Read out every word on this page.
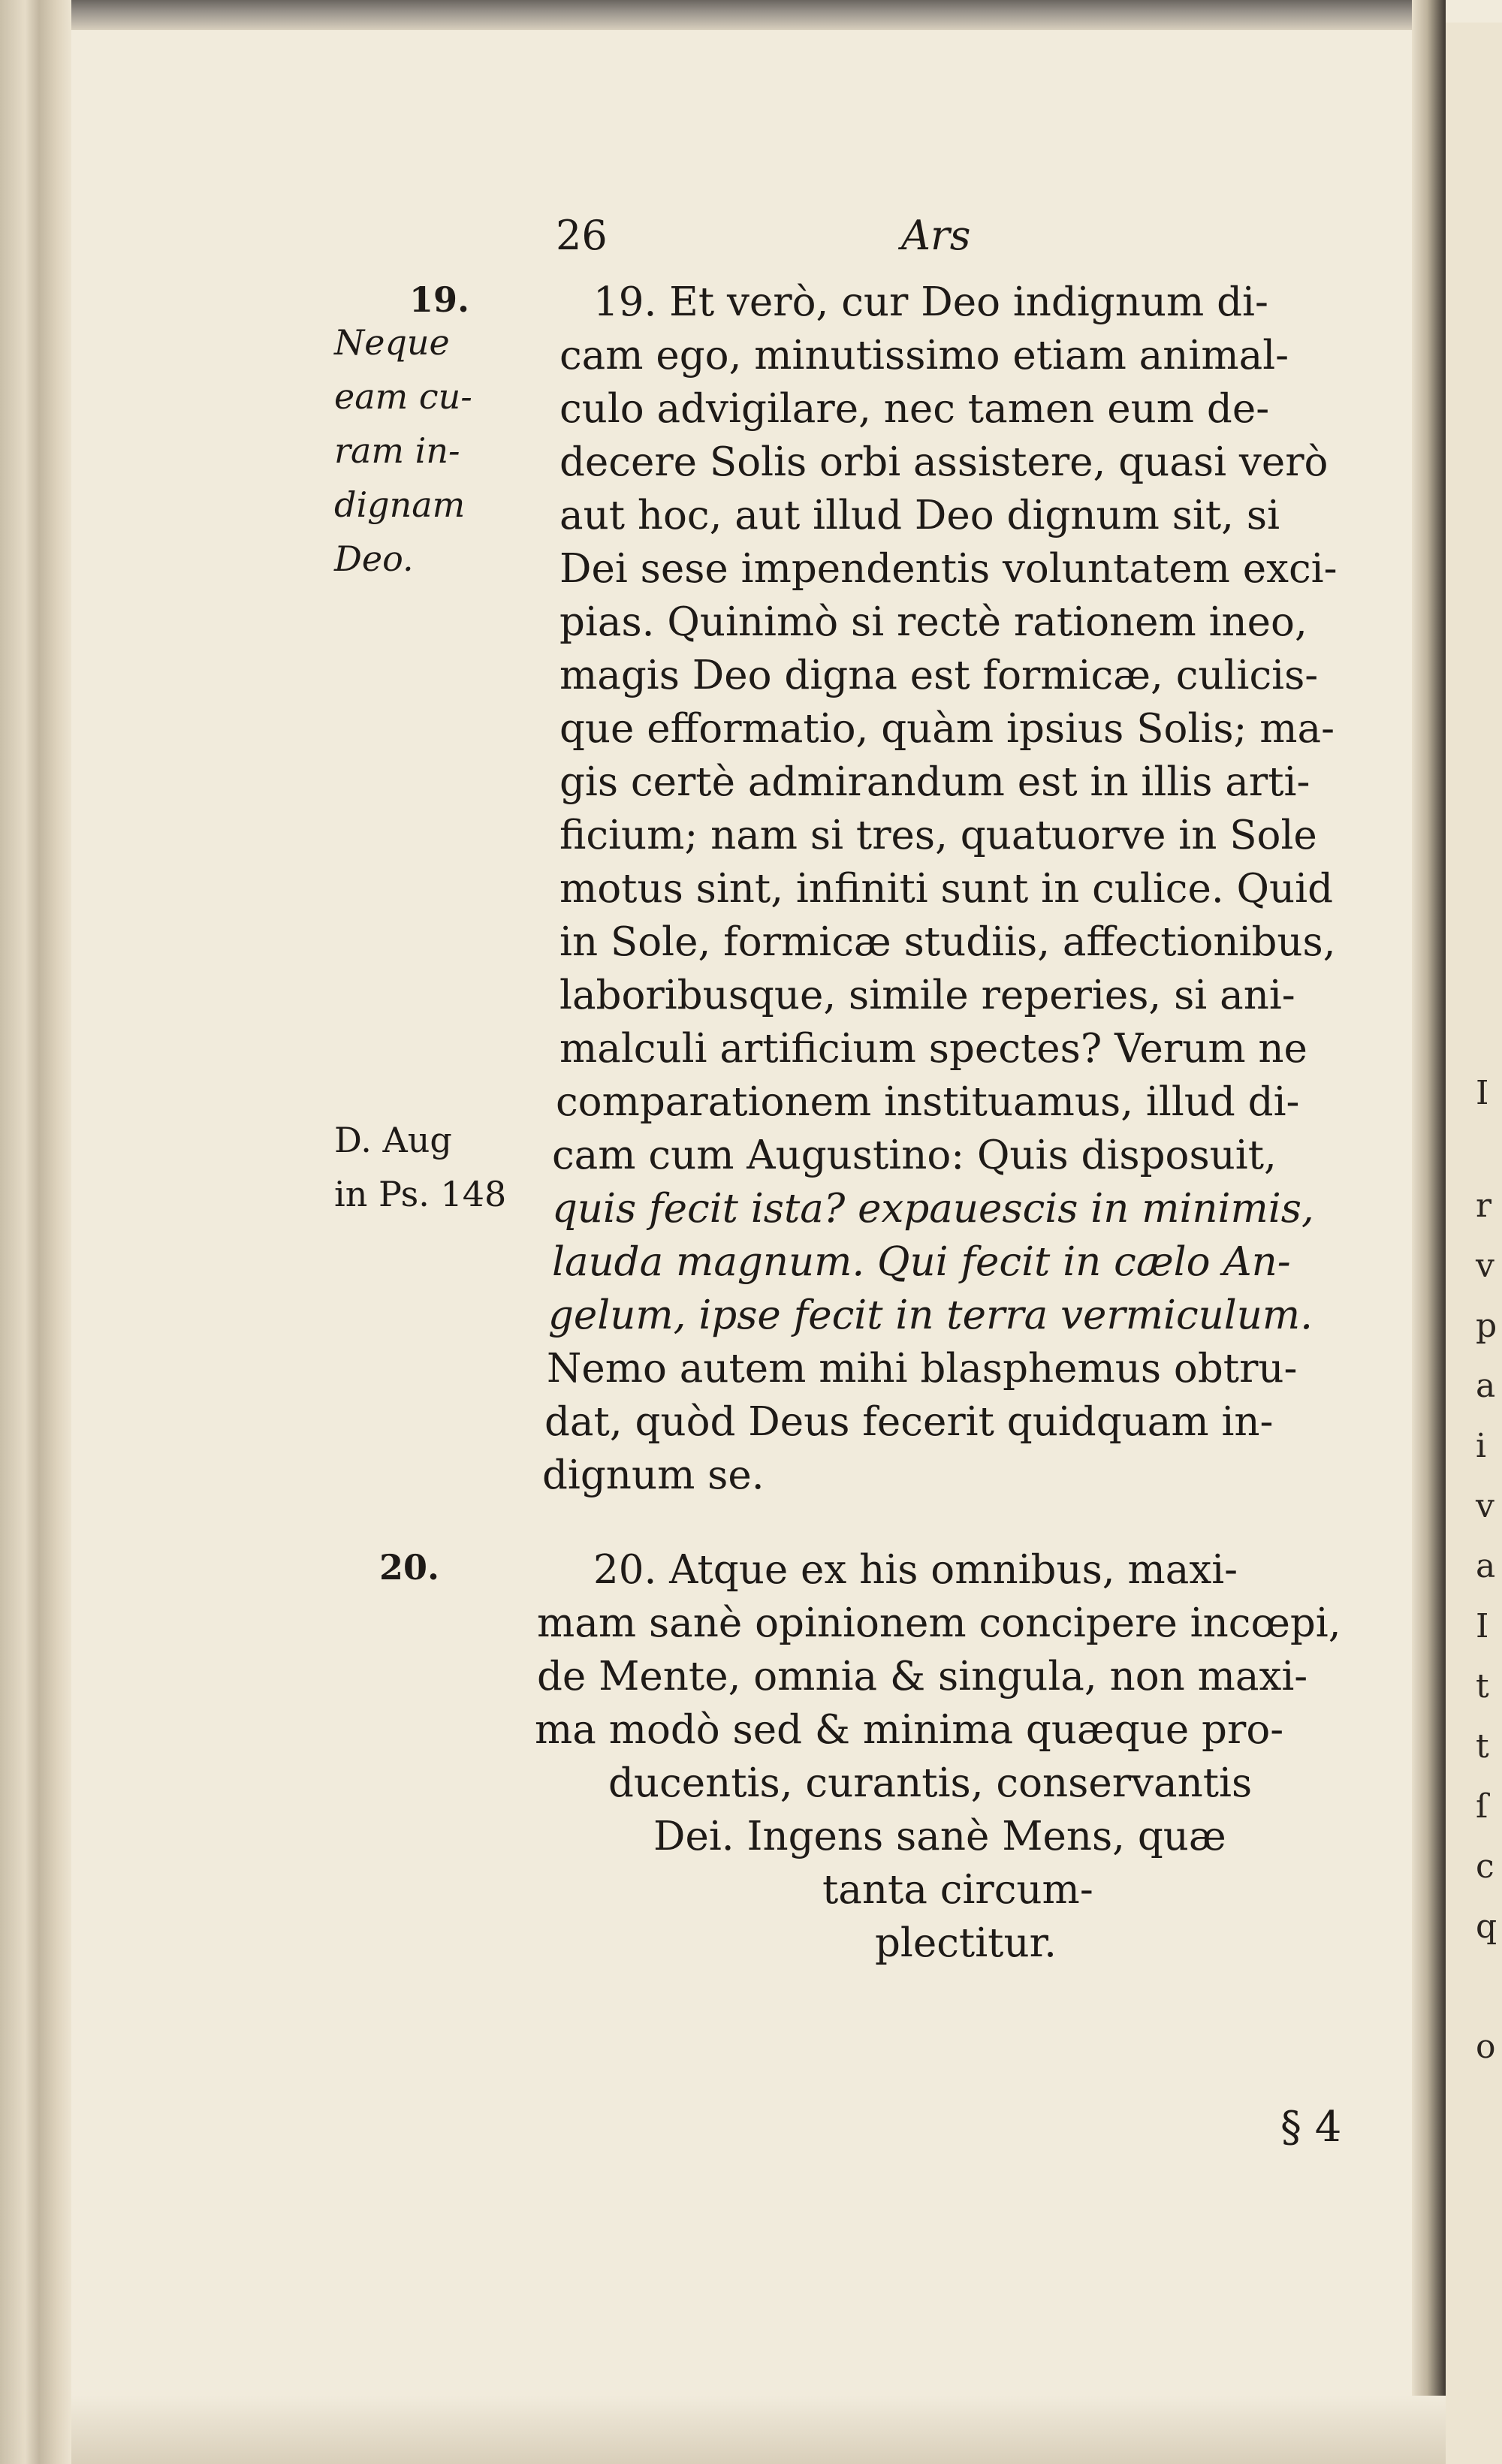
I
r
v
p
a
i
v
a
I
t
t
ſ
c
q
o
26	Ars
19.
Neque
eam cu-
ram in-
dignam
Deo.
D. Aug
in Ps. 148
20.
19. Et verò, cur Deo indignum di-
cam ego, minutissimo etiam animal-
culo advigilare, nec tamen eum de-
decere Solis orbi assistere, quasi verò
aut hoc, aut illud Deo dignum sit, si
Dei sese impendentis voluntatem exci-
pias. Quinimò si rectè rationem ineo,
magis Deo digna est formicæ, culicis-
que efformatio, quàm ipsius Solis; ma-
gis certè admirandum est in illis arti-
ficium; nam si tres, quatuorve in Sole
motus sint, infiniti sunt in culice. Quid
in Sole, formicæ studiis, affectionibus,
laboribusque, simile reperies, si ani-
malculi artificium spectes? Verum ne
comparationem instituamus, illud di-
cam cum Augustino: Quis disposuit,
quis fecit ista? expauescis in minimis,
lauda magnum. Qui fecit in cælo An-
gelum, ipse fecit in terra vermiculum.
Nemo autem mihi blasphemus obtru-
dat, quòd Deus fecerit quidquam in-
dignum se.
20. Atque ex his omnibus, maxi-
mam sanè opinionem concipere incœpi,
de Mente, omnia & singula, non maxi-
ma modò sed & minima quæque pro-
ducentis, curantis, conservantis
Dei. Ingens sanè Mens, quæ
tanta circum-
plectitur.
§ 4
